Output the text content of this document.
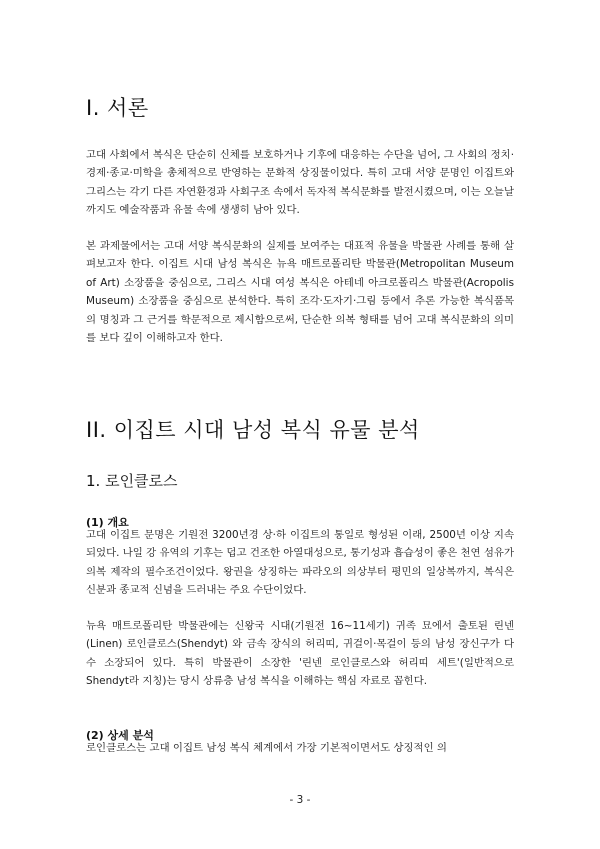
I. 서론

고대 사회에서 복식은 단순히 신체를 보호하거나 기후에 대응하는 수단을 넘어, 그 사회의 정치·경제·종교·미학을 총체적으로 반영하는 문화적 상징물이었다. 특히 고대 서양 문명인 이집트와 그리스는 각기 다른 자연환경과 사회구조 속에서 독자적 복식문화를 발전시켰으며, 이는 오늘날까지도 예술작품과 유물 속에 생생히 남아 있다.

본 과제물에서는 고대 서양 복식문화의 실제를 보여주는 대표적 유물을 박물관 사례를 통해 살펴보고자 한다. 이집트 시대 남성 복식은 뉴욕 매트로폴리탄 박물관(Metropolitan Museum of Art) 소장품을 중심으로, 그리스 시대 여성 복식은 아테네 아크로폴리스 박물관(Acropolis Museum) 소장품을 중심으로 분석한다. 특히 조각·도자기·그림 등에서 추론 가능한 복식품목의 명칭과 그 근거를 학문적으로 제시함으로써, 단순한 의복 형태를 넘어 고대 복식문화의 의미를 보다 깊이 이해하고자 한다.

II. 이집트 시대 남성 복식 유물 분석
1. 로인클로스
(1) 개요

고대 이집트 문명은 기원전 3200년경 상·하 이집트의 통일로 형성된 이래, 2500년 이상 지속되었다. 나일 강 유역의 기후는 덥고 건조한 아열대성으로, 통기성과 흡습성이 좋은 천연 섬유가 의복 제작의 필수조건이었다. 왕권을 상징하는 파라오의 의상부터 평민의 일상복까지, 복식은 신분과 종교적 신념을 드러내는 주요 수단이었다.

뉴욕 매트로폴리탄 박물관에는 신왕국 시대(기원전 16~11세기) 귀족 묘에서 출토된 린넨(Linen) 로인클로스(Shendyt) 와 금속 장식의 허리띠, 귀걸이·목걸이 등의 남성 장신구가 다수 소장되어 있다. 특히 박물관이 소장한 '린넨 로인클로스와 허리띠 세트'(일반적으로 Shendyt라 지칭)는 당시 상류층 남성 복식을 이해하는 핵심 자료로 꼽힌다.

(2) 상세 분석

로인클로스는 고대 이집트 남성 복식 체계에서 가장 기본적이면서도 상징적인 의

- 3 -
